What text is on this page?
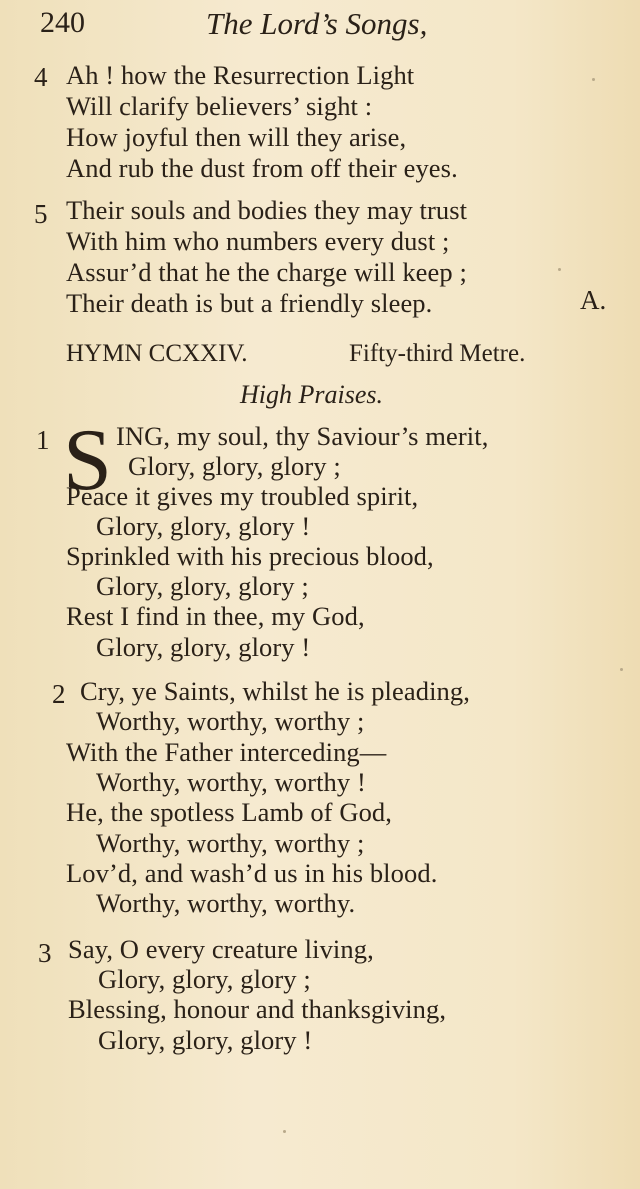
240	The Lord’s Songs,
4 Ah ! how the Resurrection Light
Will clarify believers’ sight :
How joyful then will they arise,
And rub the dust from off their eyes.
5 Their souls and bodies they may trust
With him who numbers every dust ;
Assur’d that he the charge will keep ;
Their death is but a friendly sleep.	A.
HYMN CCXXIV.	Fifty-third Metre.
High Praises.
1 S ING, my soul, thy Saviour’s merit,
Glory, glory, glory ;
Peace it gives my troubled spirit,
Glory, glory, glory !
Sprinkled with his precious blood,
Glory, glory, glory ;
Rest I find in thee, my God,
Glory, glory, glory !
2 Cry, ye Saints, whilst he is pleading,
Worthy, worthy, worthy ;
With the Father interceding—
Worthy, worthy, worthy !
He, the spotless Lamb of God,
Worthy, worthy, worthy ;
Lov’d, and wash’d us in his blood.
Worthy, worthy, worthy.
3 Say, O every creature living,
Glory, glory, glory ;
Blessing, honour and thanksgiving,
Glory, glory, glory !
